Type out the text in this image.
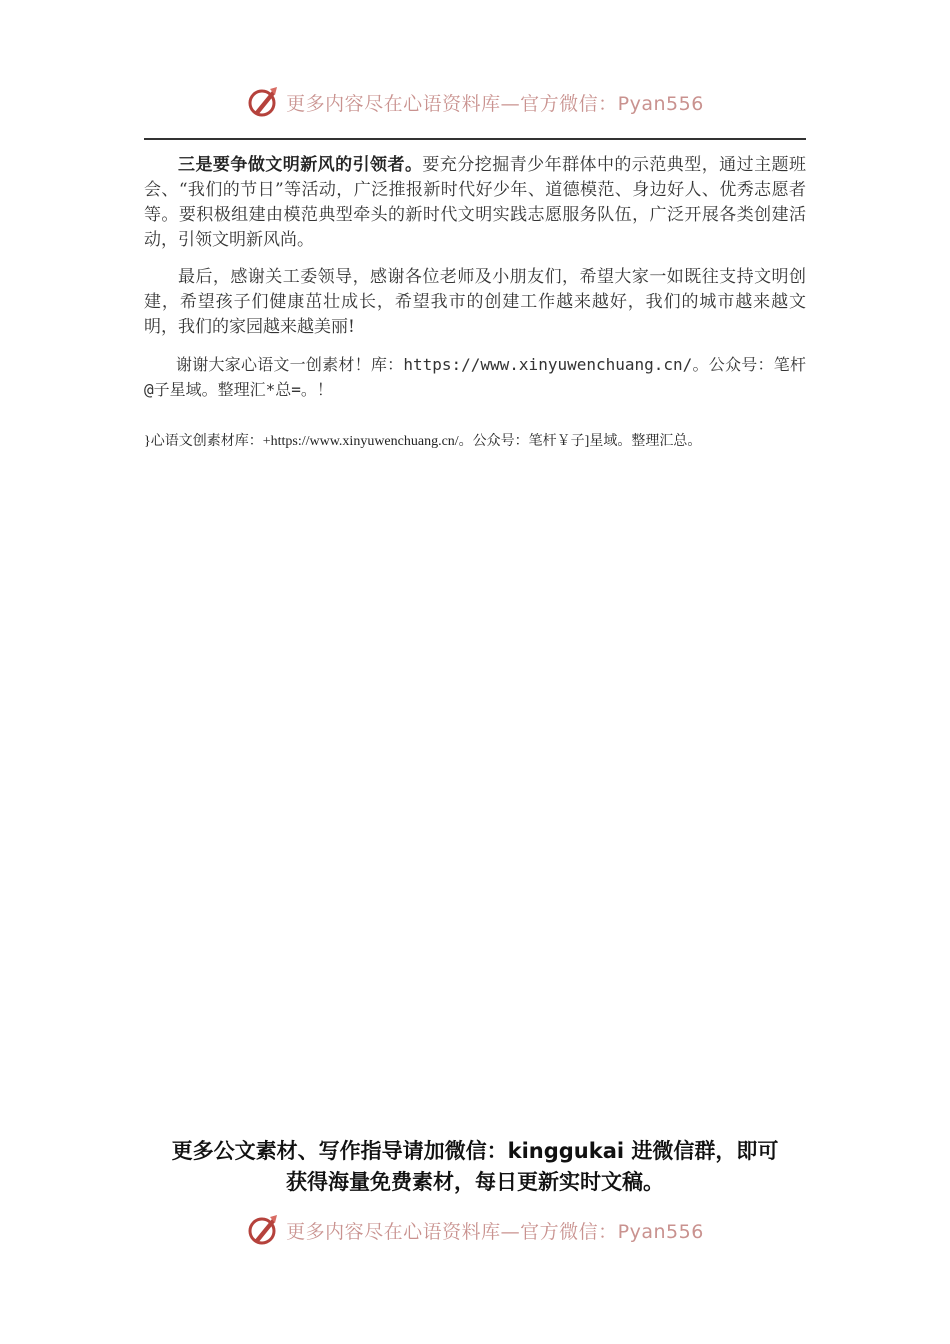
更多内容尽在心语资料库—官方微信：Pyan556

三是要争做文明新风的引领者。要充分挖掘青少年群体中的示范典型，通过主题班会、“我们的节日”等活动，广泛推报新时代好少年、道德模范、身边好人、优秀志愿者等。要积极组建由模范典型牵头的新时代文明实践志愿服务队伍，广泛开展各类创建活动，引领文明新风尚。

最后，感谢关工委领导，感谢各位老师及小朋友们，希望大家一如既往支持文明创建，希望孩子们健康茁壮成长，希望我市的创建工作越来越好，我们的城市越来越文明，我们的家园越来越美丽!

谢谢大家心语文一创素材！库：https://www.xinyuwenchuang.cn/。公众号：笔杆@子星域。整理汇*总=。！

}心语文创素材库：+https://www.xinyuwenchuang.cn/。公众号：笔杆￥子]星域。整理汇总。

更多公文素材、写作指导请加微信：kinggukai 进微信群，即可
获得海量免费素材，每日更新实时文稿。
更多内容尽在心语资料库—官方微信：Pyan556
